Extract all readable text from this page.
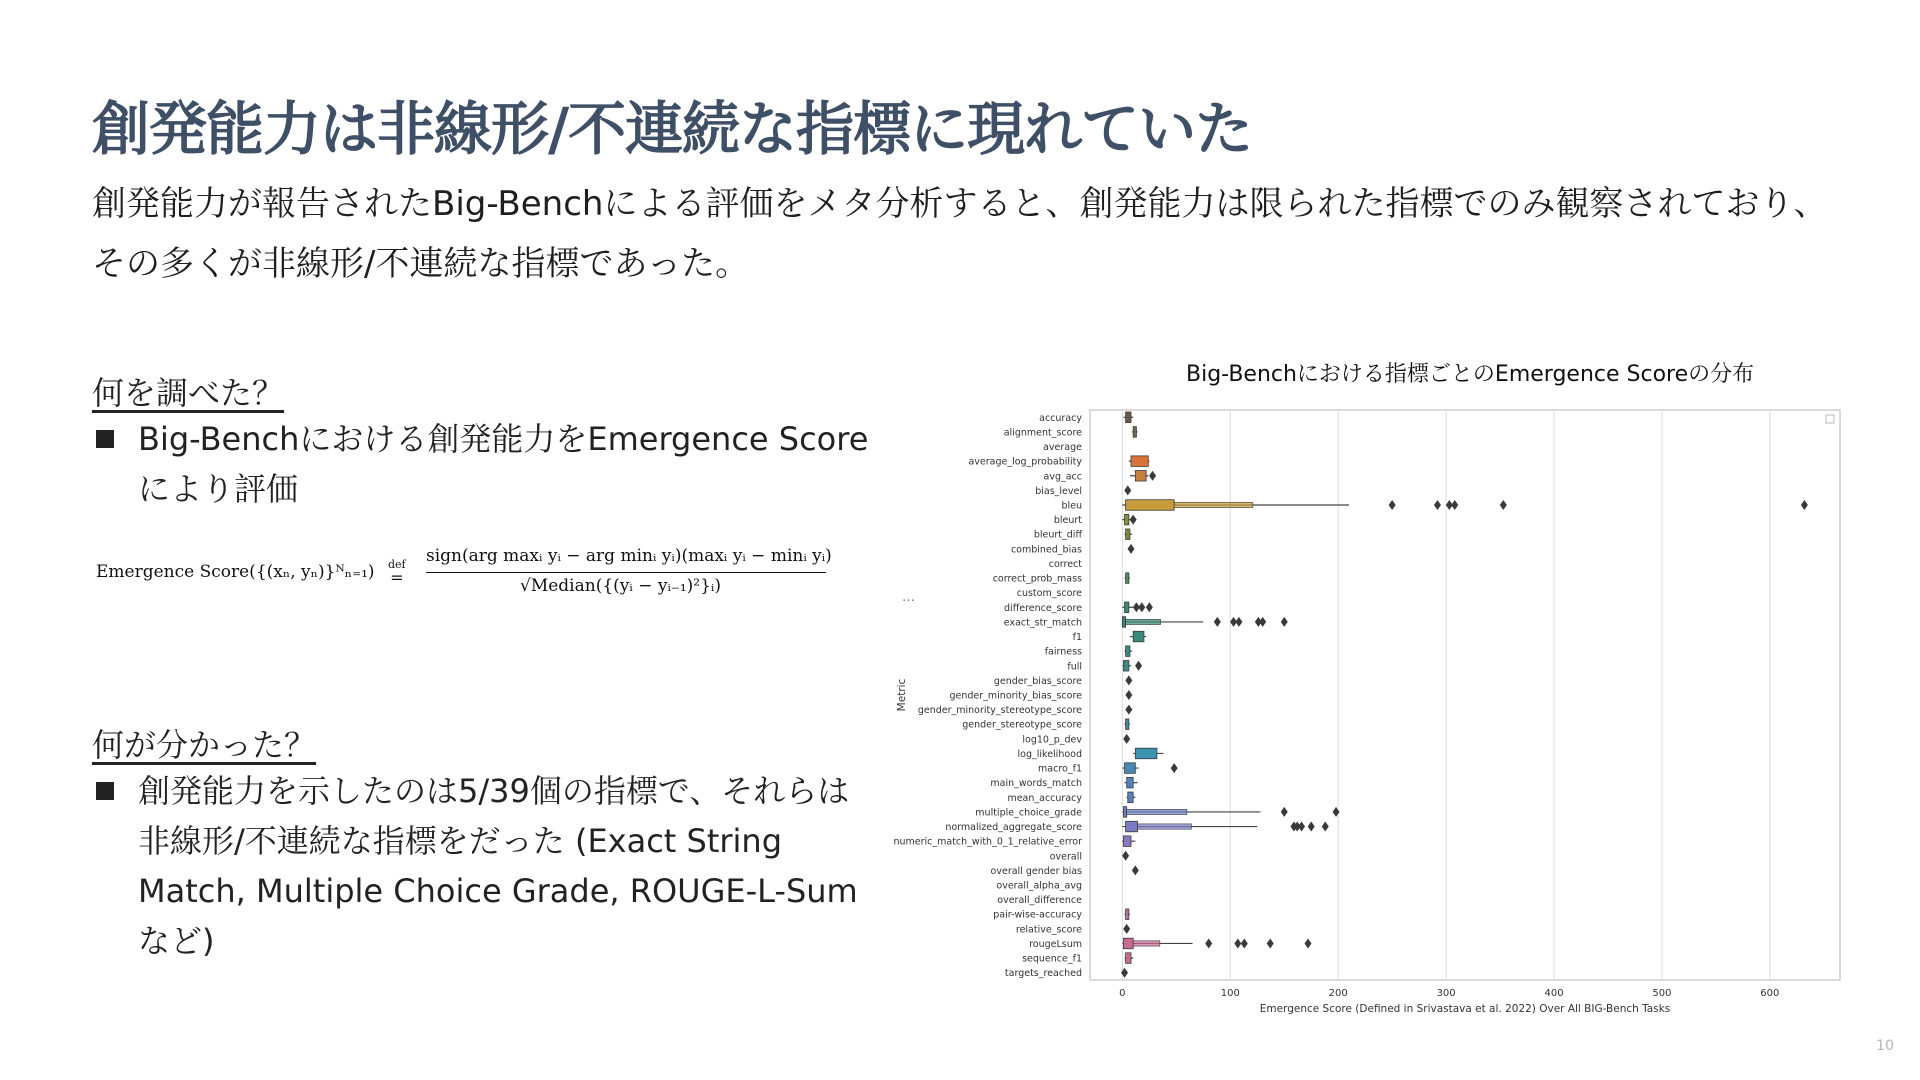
創発能力は非線形/不連続な指標に現れていた
創発能力が報告されたBig-Benchによる評価をメタ分析すると、創発能力は限られた指標でのみ観察されており、その多くが非線形/不連続な指標であった。
何を調べた？
Big-Benchにおける創発能力をEmergence Scoreにより評価
Emergence Score({(xₙ, yₙ)}ᴺₙ₌₁) def
=
sign(arg maxᵢ yᵢ − arg minᵢ yᵢ)(maxᵢ yᵢ − minᵢ yᵢ)
√Median({(yᵢ − yᵢ₋₁)²}ᵢ)
…
何が分かった？
創発能力を示したのは5/39個の指標で、それらは非線形/不連続な指標をだった (Exact String Match, Multiple Choice Grade, ROUGE-L-Sum など)
Big-Benchにおける指標ごとのEmergence Scoreの分布
0	100	200	300	400	500	600
accuracy
alignment_score
average
average_log_probability
avg_acc
bias_level
bleu
bleurt
bleurt_diff
combined_bias
correct
correct_prob_mass
custom_score
difference_score
exact_str_match
f1
fairness
full
gender_bias_score
gender_minority_bias_score
gender_minority_stereotype_score
gender_stereotype_score
log10_p_dev
log_likelihood
macro_f1
main_words_match
mean_accuracy
multiple_choice_grade
normalized_aggregate_score
numeric_match_with_0_1_relative_error
overall
overall gender bias
overall_alpha_avg
overall_difference
pair-wise-accuracy
relative_score
rougeLsum
sequence_f1
targets_reached
Emergence Score (Defined in Srivastava et al. 2022) Over All BIG-Bench Tasks
Metric
10
